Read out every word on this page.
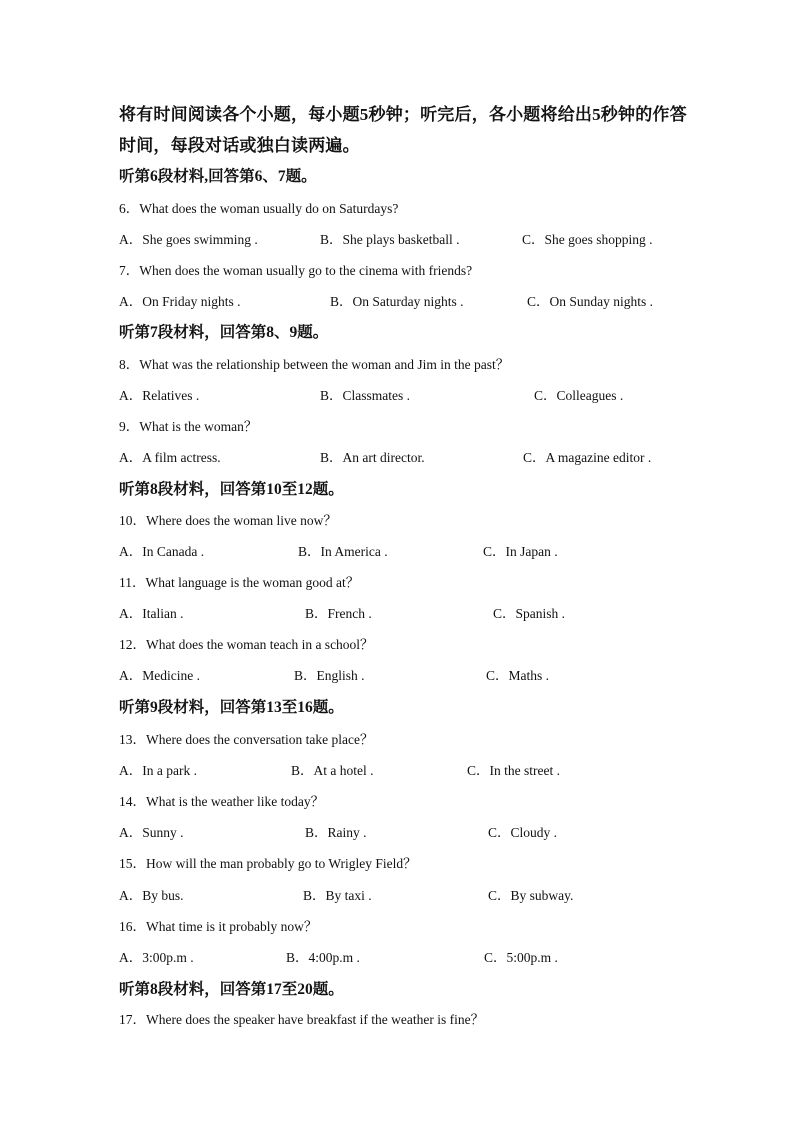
将有时间阅读各个小题，每小题5秒钟；听完后，各小题将给出5秒钟的作答
时间，每段对话或独白读两遍。
听第6段材料,回答第6、7题。
6．What does the woman usually do on Saturdays?
A．She goes swimming .	B．She plays basketball .	C．She goes shopping .
7．When does the woman usually go to the cinema with friends?
A．On Friday nights .	B．On Saturday nights .	C．On Sunday nights .
听第7段材料，回答第8、9题。
8．What was the relationship between the woman and Jim in the past？
A．Relatives .	B．Classmates .	C．Colleagues .
9．What is the woman？
A．A film actress.	B．An art director.	C．A magazine editor .
听第8段材料，回答第10至12题。
10．Where does the woman live now？
A．In Canada .	B．In America .	C．In Japan .
11．What language is the woman good at？
A．Italian .	B．French .	C．Spanish .
12．What does the woman teach in a school？
A．Medicine .	B．English .	C．Maths .
听第9段材料，回答第13至16题。
13．Where does the conversation take place？
A．In a park .	B．At a hotel .	C．In the street .
14．What is the weather like today？
A．Sunny .	B．Rainy .	C．Cloudy .
15．How will the man probably go to Wrigley Field？
A．By bus.	B．By taxi .	C．By subway.
16．What time is it probably now？
A．3:00p.m .	B．4:00p.m .	C．5:00p.m .
听第8段材料，回答第17至20题。
17．Where does the speaker have breakfast if the weather is fine？
